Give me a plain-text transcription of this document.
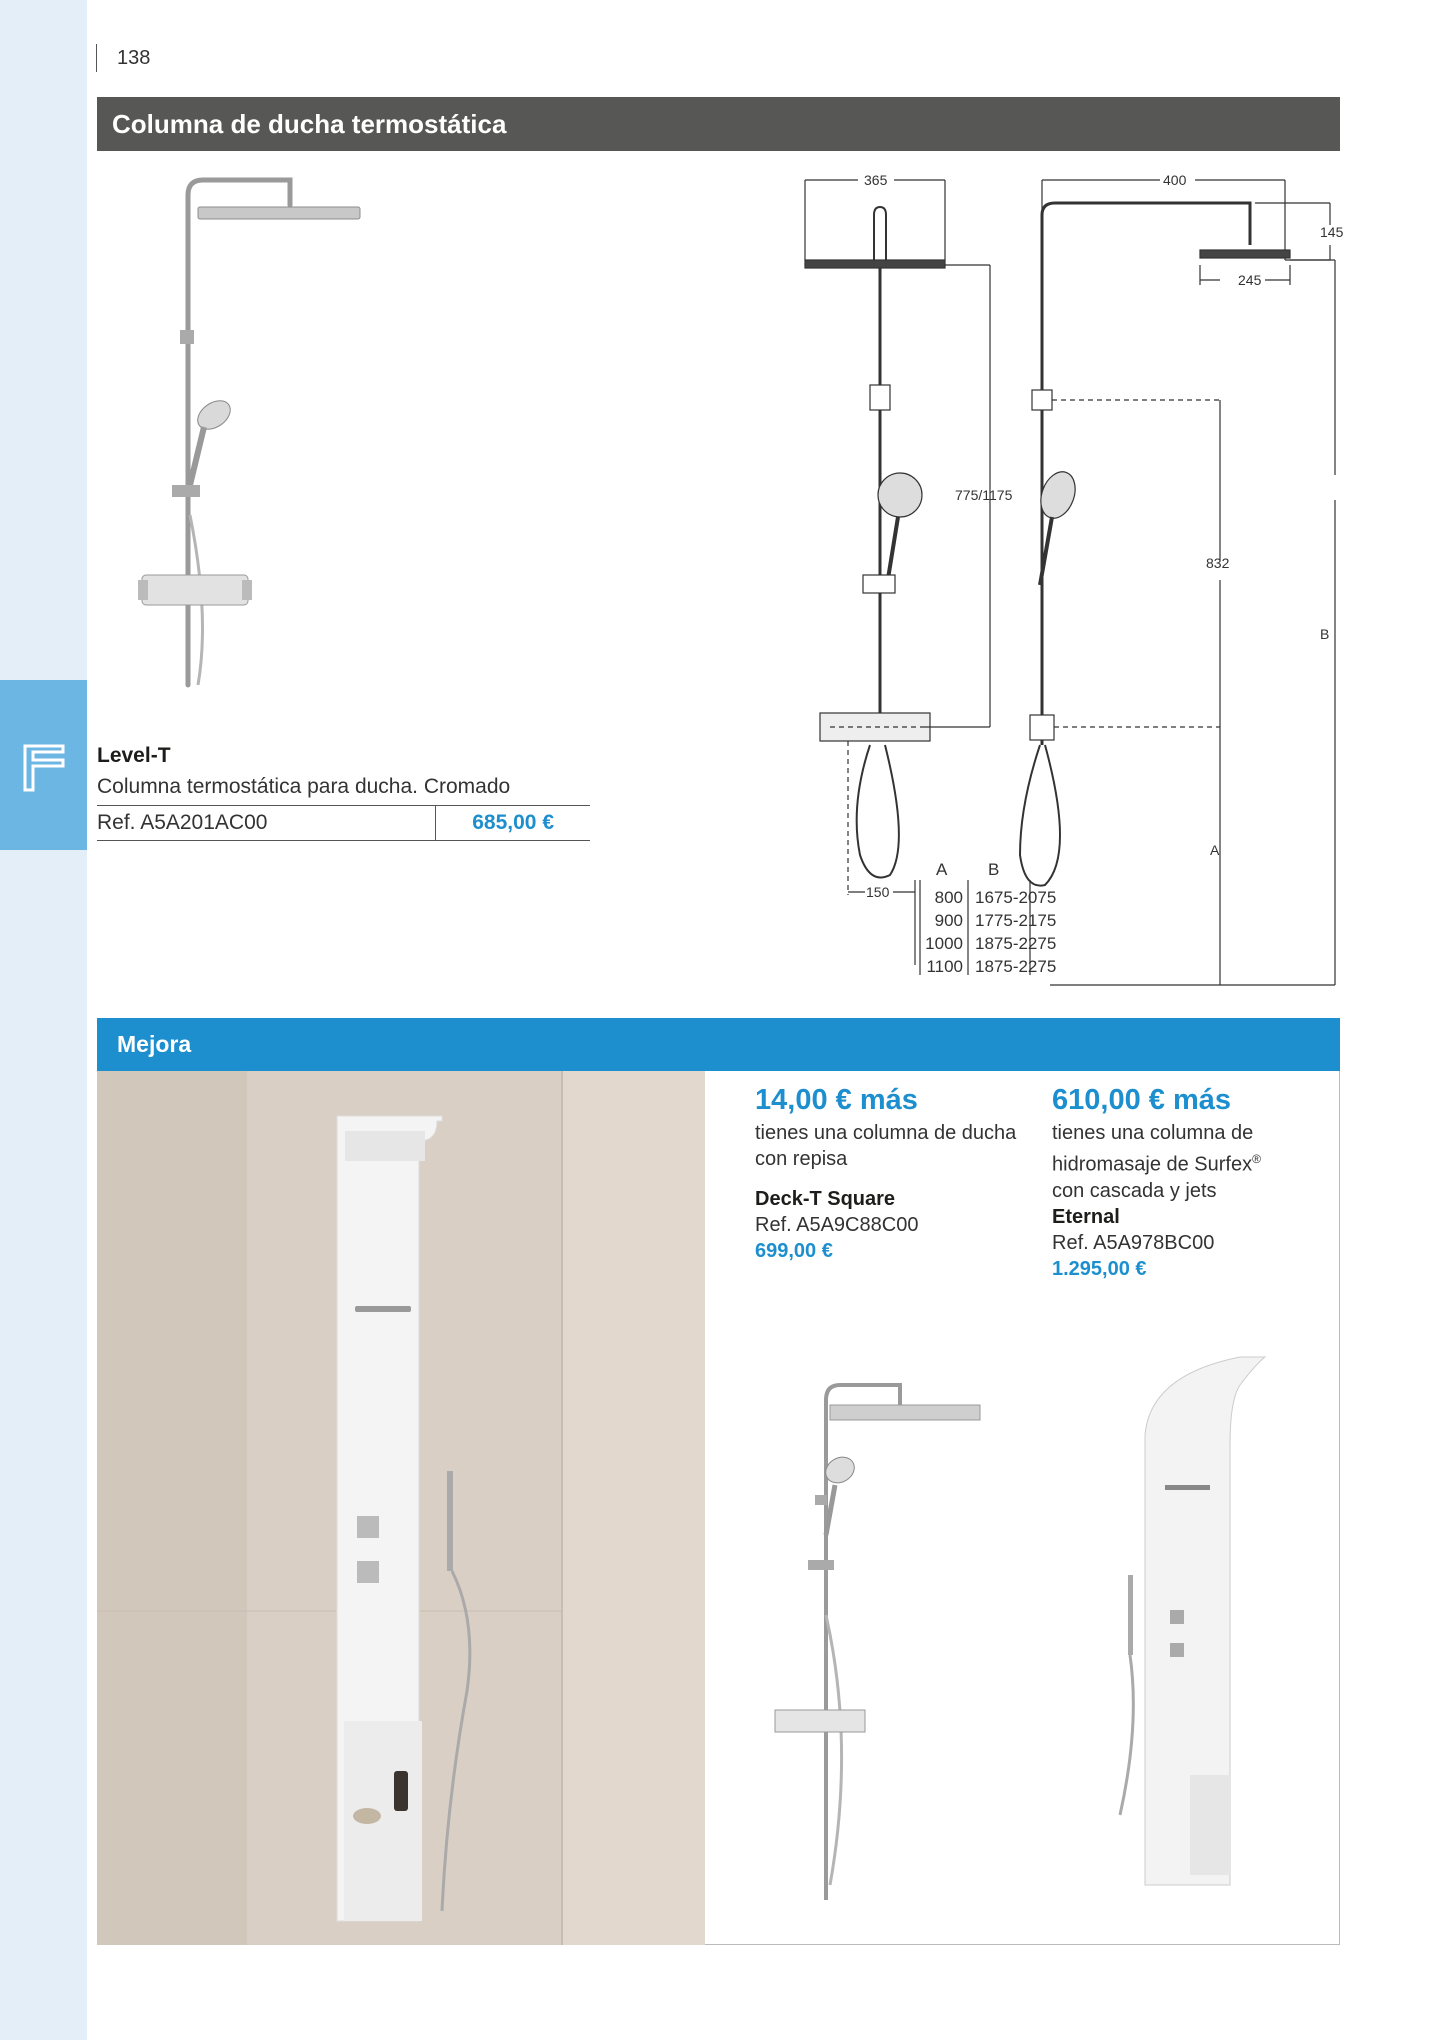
138
Columna de ducha termostática
Level-T
Columna termostática para ducha. Cromado
Ref. A5A201AC00	685,00 €
365	400
145
245
775/1175
832
B
A
150
A B
800 1675-2075
900 1775-2175
1000 1875-2275
1100 1875-2275
Mejora
14,00 € más
tienes una columna de ducha con repisa
Deck-T Square
Ref. A5A9C88C00
699,00 €
610,00 € más
tienes una columna de hidromasaje de Surfex®
con cascada y jets
Eternal
Ref. A5A978BC00
1.295,00 €
